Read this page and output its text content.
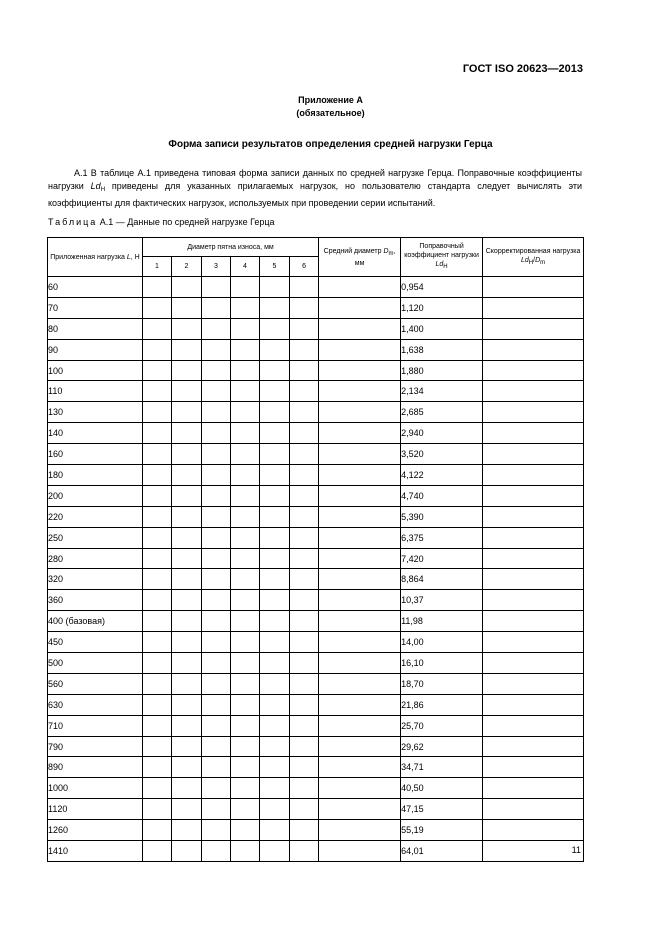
ГОСТ ISO 20623—2013
Приложение А
(обязательное)
Форма записи результатов определения средней нагрузки Герца

А.1 В таблице А.1 приведена типовая форма записи данных по средней нагрузке Герца. Поправочные коэффициенты нагрузки $Ld_H$ приведены для указанных прилагаемых нагрузок, но пользователю стандарта следует вычислять эти коэффициенты для фактических нагрузок, используемых при проведении серии испытаний.

Таблица А.1 — Данные по средней нагрузке Герца
Приложенная нагрузка L, Н	Диаметр пятна износа, мм						Средний диаметр Dm, мм	Поправочный коэффициент нагрузки LdH	Скорректированная нагрузка LdH/Dm
	1	2	3	4	5	6			
60								0,954	
70								1,120	
80								1,400	
90								1,638	
100								1,880	
110								2,134	
130								2,685	
140								2,940	
160								3,520	
180								4,122	
200								4,740	
220								5,390	
250								6,375	
280								7,420	
320								8,864	
360								10,37	
400 (базовая)								11,98	
450								14,00	
500								16,10	
560								18,70	
630								21,86	
710								25,70	
790								29,62	
890								34,71	
1000								40,50	
1120								47,15	
1260								55,19	
1410								64,01		11
